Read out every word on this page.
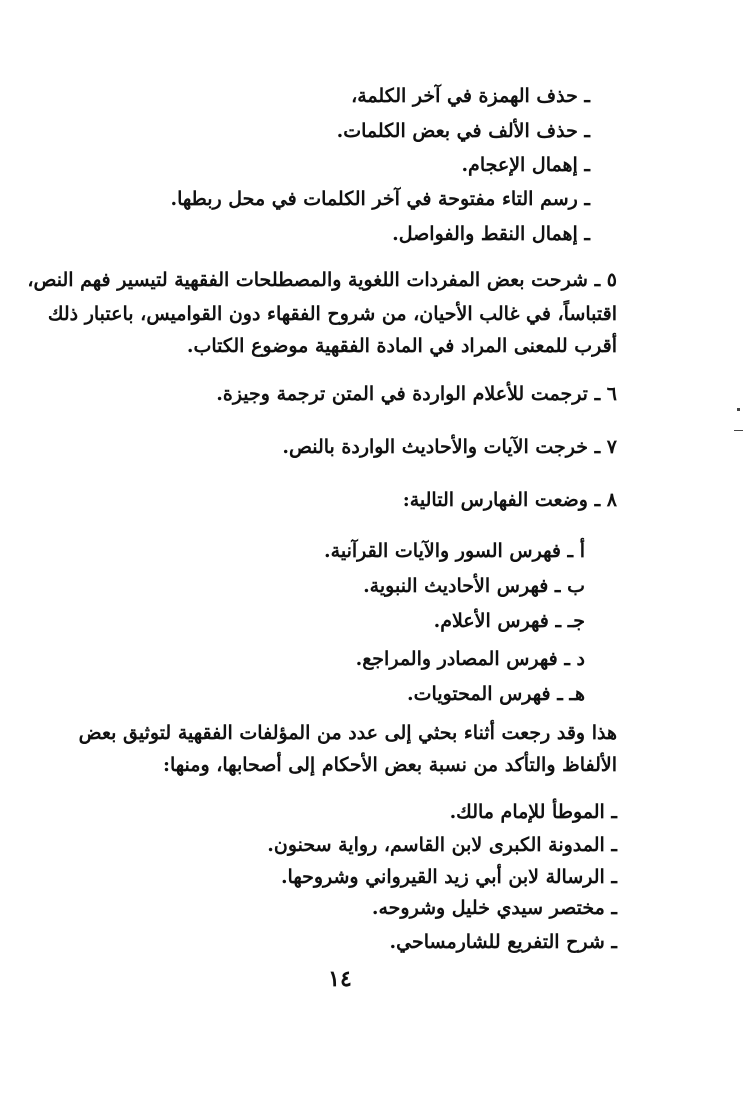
ـ حذف الهمزة في آخر الكلمة،
ـ حذف الألف في بعض الكلمات.
ـ إهمال الإعجام.
ـ رسم التاء مفتوحة في آخر الكلمات في محل ربطها.
ـ إهمال النقط والفواصل.
٥ ـ شرحت بعض المفردات اللغوية والمصطلحات الفقهية لتيسير فهم النص،
اقتباساً، في غالب الأحيان، من شروح الفقهاء دون القواميس، باعتبار ذلك
أقرب للمعنى المراد في المادة الفقهية موضوع الكتاب.
٦ ـ ترجمت للأعلام الواردة في المتن ترجمة وجيزة.
٧ ـ خرجت الآيات والأحاديث الواردة بالنص.
٨ ـ وضعت الفهارس التالية:
أ ـ فهرس السور والآيات القرآنية.
ب ـ فهرس الأحاديث النبوية.
جـ ـ فهرس الأعلام.
د ـ فهرس المصادر والمراجع.
هـ ـ فهرس المحتويات.
هذا وقد رجعت أثناء بحثي إلى عدد من المؤلفات الفقهية لتوثيق بعض
الألفاظ والتأكد من نسبة بعض الأحكام إلى أصحابها، ومنها:
ـ الموطأ للإمام مالك.
ـ المدونة الكبرى لابن القاسم، رواية سحنون.
ـ الرسالة لابن أبي زيد القيرواني وشروحها.
ـ مختصر سيدي خليل وشروحه.
ـ شرح التفريع للشارمساحي.
١٤
